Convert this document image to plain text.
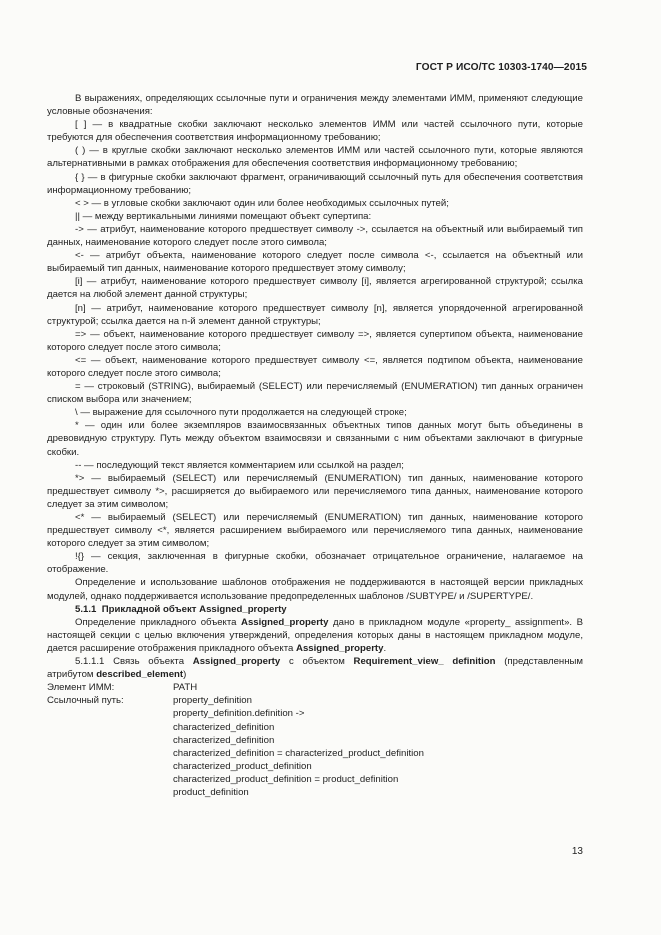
ГОСТ Р ИСО/ТС 10303-1740—2015

В выражениях, определяющих ссылочные пути и ограничения между элементами ИММ, применяют следующие условные обозначения:

[ ] — в квадратные скобки заключают несколько элементов ИММ или частей ссылочного пути, которые требуются для обеспечения соответствия информационному требованию;

( ) — в круглые скобки заключают несколько элементов ИММ или частей ссылочного пути, которые являются альтернативными в рамках отображения для обеспечения соответствия информационному требованию;

{ } — в фигурные скобки заключают фрагмент, ограничивающий ссылочный путь для обеспечения соответствия информационному требованию;

< > — в угловые скобки заключают один или более необходимых ссылочных путей;

|| — между вертикальными линиями помещают объект супертипа:

-> — атрибут, наименование которого предшествует символу ->, ссылается на объектный или выбираемый тип данных, наименование которого следует после этого символа;

<- — атрибут объекта, наименование которого следует после символа <-, ссылается на объектный или выбираемый тип данных, наименование которого предшествует этому символу;

[i] — атрибут, наименование которого предшествует символу [i], является агрегированной структурой; ссылка дается на любой элемент данной структуры;

[n] — атрибут, наименование которого предшествует символу [n], является упорядоченной агрегированной структурой; ссылка дается на n-й элемент данной структуры;

=> — объект, наименование которого предшествует символу =>, является супертипом объекта, наименование которого следует после этого символа;

<= — объект, наименование которого предшествует символу <=, является подтипом объекта, наименование которого следует после этого символа;

= — строковый (STRING), выбираемый (SELECT) или перечисляемый (ENUMERATION) тип данных ограничен списком выбора или значением;

\ — выражение для ссылочного пути продолжается на следующей строке;

* — один или более экземпляров взаимосвязанных объектных типов данных могут быть объединены в древовидную структуру. Путь между объектом взаимосвязи и связанными с ним объектами заключают в фигурные скобки.

-- — последующий текст является комментарием или ссылкой на раздел;

*> — выбираемый (SELECT) или перечисляемый (ENUMERATION) тип данных, наименование которого предшествует символу *>, расширяется до выбираемого или перечисляемого типа данных, наименование которого следует за этим символом;

<* — выбираемый (SELECT) или перечисляемый (ENUMERATION) тип данных, наименование которого предшествует символу <*, является расширением выбираемого или перечисляемого типа данных, наименование которого следует за этим символом;

!{} — секция, заключенная в фигурные скобки, обозначает отрицательное ограничение, налагаемое на отображение.

Определение и использование шаблонов отображения не поддерживаются в настоящей версии прикладных модулей, однако поддерживается использование предопределенных шаблонов /SUBTYPE/ и /SUPERTYPE/.

5.1.1 Прикладной объект Assigned_property

Определение прикладного объекта Assigned_property дано в прикладном модуле «property_ assignment». В настоящей секции с целью включения утверждений, определения которых даны в настоящем прикладном модуле, дается расширение отображения прикладного объекта Assigned_property.

5.1.1.1 Связь объекта Assigned_property с объектом Requirement_view_ definition (представленным атрибутом described_element)

Элемент ИММ:	PATH
Ссылочный путь:	property_definition

property_definition.definition ->

characterized_definition

characterized_definition

characterized_definition = characterized_product_definition

characterized_product_definition

characterized_product_definition = product_definition

product_definition

13
